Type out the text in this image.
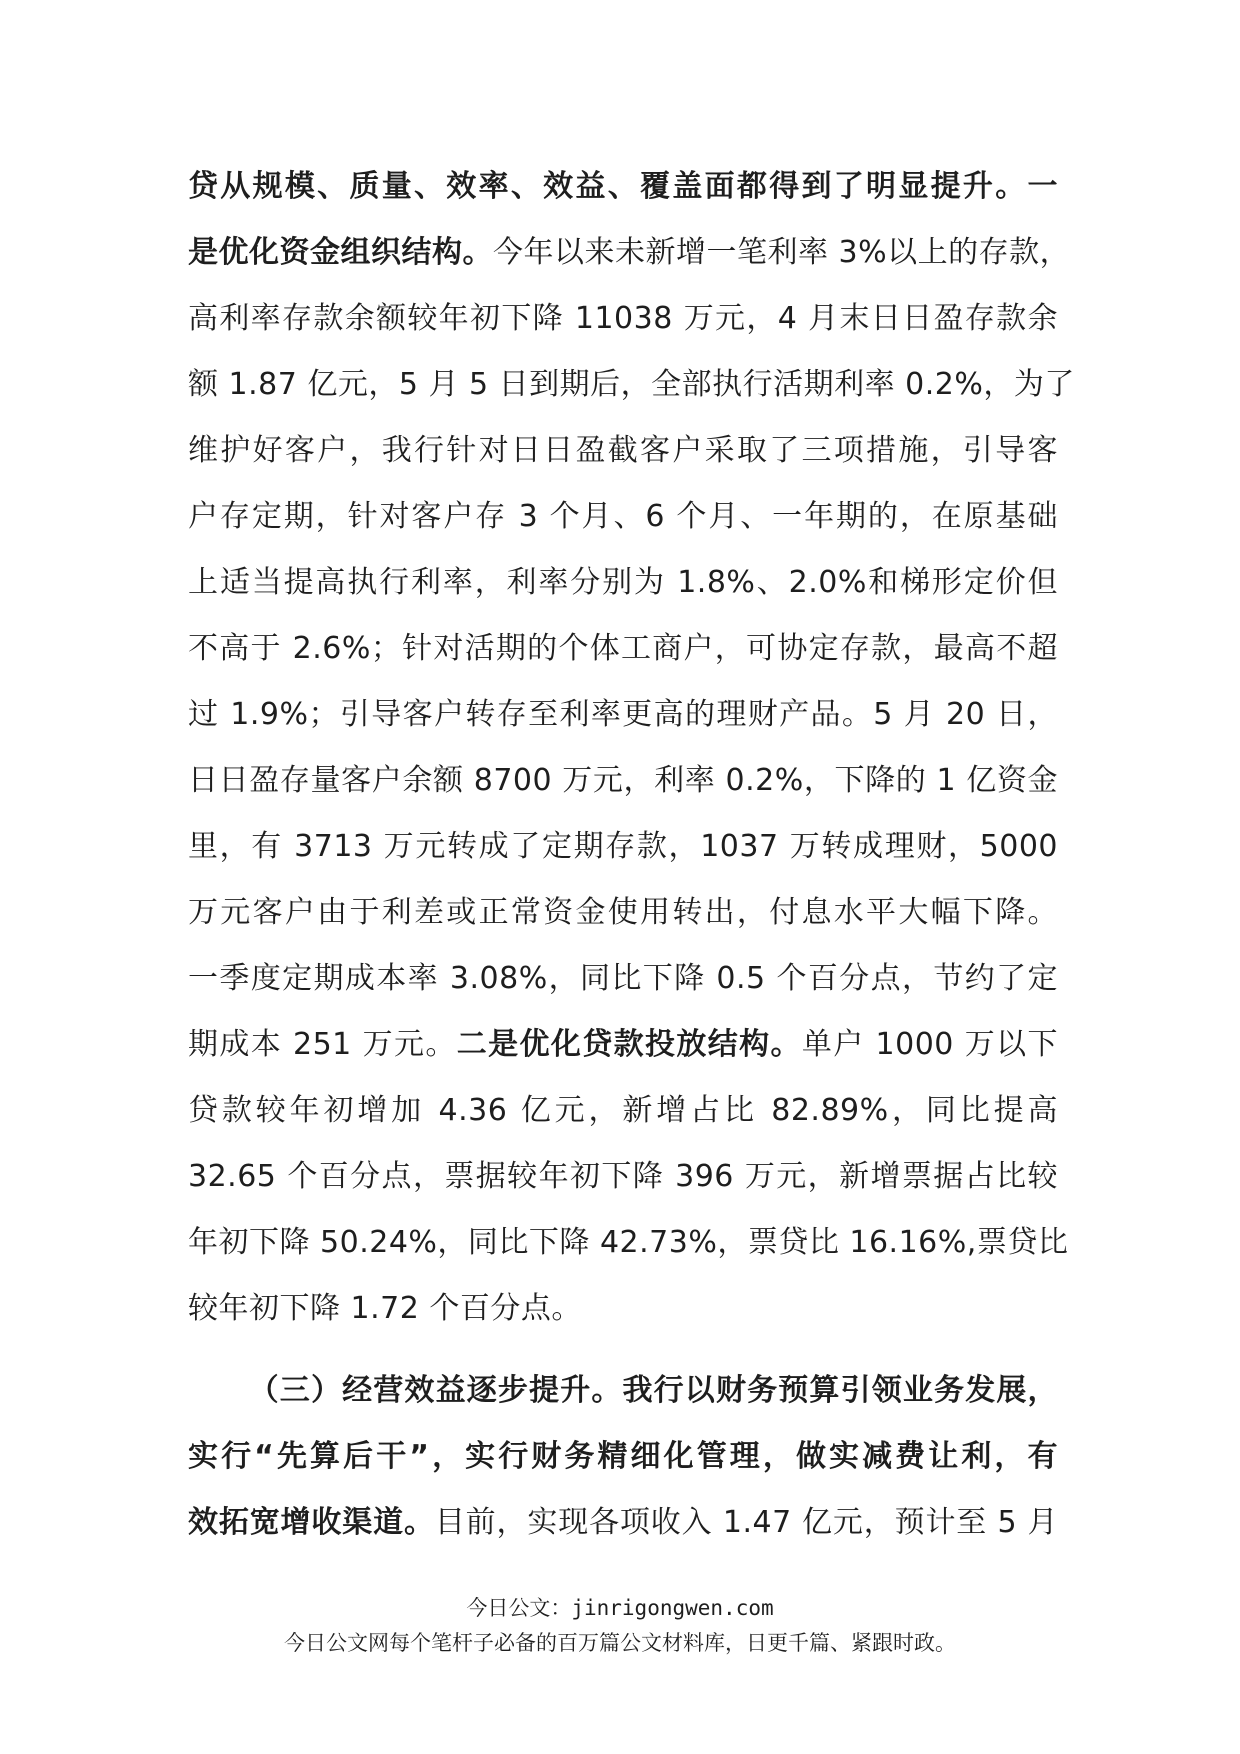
贷从规模、质量、效率、效益、覆盖面都得到了明显提升。一
是优化资金组织结构。今年以来未新增一笔利率 3%以上的存款，
高利率存款余额较年初下降 11038 万元，4 月末日日盈存款余
额 1.87 亿元，5 月 5 日到期后，全部执行活期利率 0.2%，为了
维护好客户，我行针对日日盈截客户采取了三项措施，引导客
户存定期，针对客户存 3 个月、6 个月、一年期的，在原基础
上适当提高执行利率，利率分别为 1.8%、2.0%和梯形定价但
不高于 2.6%；针对活期的个体工商户，可协定存款，最高不超
过 1.9%；引导客户转存至利率更高的理财产品。5 月 20 日，
日日盈存量客户余额 8700 万元，利率 0.2%，下降的 1 亿资金
里，有 3713 万元转成了定期存款，1037 万转成理财，5000
万元客户由于利差或正常资金使用转出，付息水平大幅下降。
一季度定期成本率 3.08%，同比下降 0.5 个百分点，节约了定
期成本 251 万元。二是优化贷款投放结构。单户 1000 万以下
贷款较年初增加 4.36 亿元，新增占比 82.89%，同比提高
32.65 个百分点，票据较年初下降 396 万元，新增票据占比较
年初下降 50.24%，同比下降 42.73%，票贷比 16.16%,票贷比
较年初下降 1.72 个百分点。
（三）经营效益逐步提升。我行以财务预算引领业务发展，
实行“先算后干”，实行财务精细化管理，做实减费让利，有
效拓宽增收渠道。目前，实现各项收入 1.47 亿元，预计至 5 月
今日公文：jinrigongwen.com
今日公文网每个笔杆子必备的百万篇公文材料库，日更千篇、紧跟时政。
